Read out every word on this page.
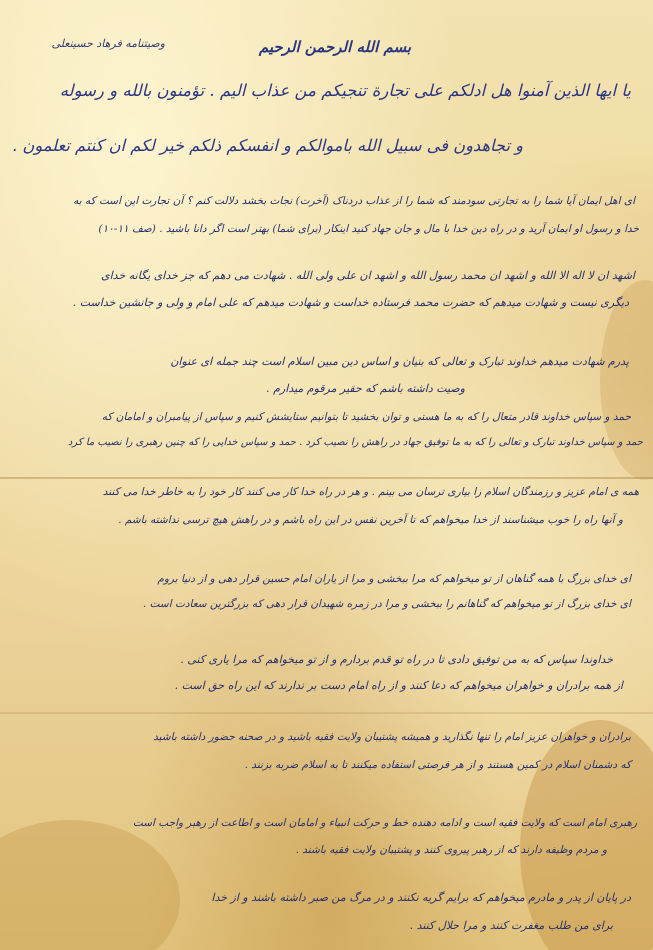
وصیتنامه فرهاد حسینعلی	بسم الله الرحمن الرحیم
یا ایها الذین آمنوا هل ادلکم علی تجارة تنجیکم من عذاب الیم . تؤمنون بالله و رسوله
و تجاهدون فی سبیل الله باموالکم و انفسکم ذلکم خیر لکم ان کنتم تعلمون .
ای اهل ایمان آیا شما را به تجارتی سودمند که شما را از عذاب دردناک (آخرت) نجات بخشد دلالت کنم ؟ آن تجارت این است که به
خدا و رسول او ایمان آرید و در راه دین خدا با مال و جان جهاد کنید اینکار (برای شما) بهتر است اگر دانا باشید . (صف ۱۱-۱۰)
اشهد ان لا اله الا الله و اشهد ان محمد رسول الله و اشهد ان علی ولی الله . شهادت می دهم که جز خدای یگانه خدای
دیگری نیست و شهادت میدهم که حضرت محمد فرستاده خداست و شهادت میدهم که علی امام و ولی و جانشین خداست .
پدرم شهادت میدهم خداوند تبارک و تعالی که بنیان و اساس دین مبین اسلام است چند جمله ای عنوان
وصیت داشته باشم که حقیر مرقوم میدارم .
حمد و سپاس خداوند قادر متعال را که به ما هستی و توان بخشید تا بتوانیم ستایشش کنیم و سپاس از پیامبران و امامان که
حمد و سپاس خداوند تبارک و تعالی را که به ما توفیق جهاد در راهش را نصیب کرد . حمد و سپاس خدایی را که چنین رهبری را نصیب ما کرد
همه ی امام عزیز و رزمندگان اسلام را بیاری ترسان می بینم . و هر در راه خدا کار می کنند کار خود را به خاطر خدا می کنند
و آنها راه را خوب میشناسند از خدا میخواهم که تا آخرین نفس در این راه باشم و در راهش هیچ ترسی نداشته باشم .
ای خدای بزرگ با همه گناهان از تو میخواهم که مرا ببخشی و مرا از یاران امام حسین قرار دهی و از دنیا بروم
ای خدای بزرگ از تو میخواهم که گناهانم را ببخشی و مرا در زمره شهیدان قرار دهی که بزرگترین سعادت است .
خداوندا سپاس که به من توفیق دادی تا در راه تو قدم بردارم و از تو میخواهم که مرا یاری کنی .
از همه برادران و خواهران میخواهم که دعا کنند و از راه امام دست بر ندارند که این راه حق است .
برادران و خواهران عزیز امام را تنها نگذارید و همیشه پشتیبان ولایت فقیه باشید و در صحنه حضور داشته باشید
که دشمنان اسلام در کمین هستند و از هر فرصتی استفاده میکنند تا به اسلام ضربه بزنند .
رهبری امام است که ولایت فقیه است و ادامه دهنده خط و حرکت انبیاء و امامان است و اطاعت از رهبر واجب است
و مردم وظیفه دارند که از رهبر پیروی کنند و پشتیبان ولایت فقیه باشند .
در پایان از پدر و مادرم میخواهم که برایم گریه نکنند و در مرگ من صبر داشته باشند و از خدا
برای من طلب مغفرت کنند و مرا حلال کنند .
